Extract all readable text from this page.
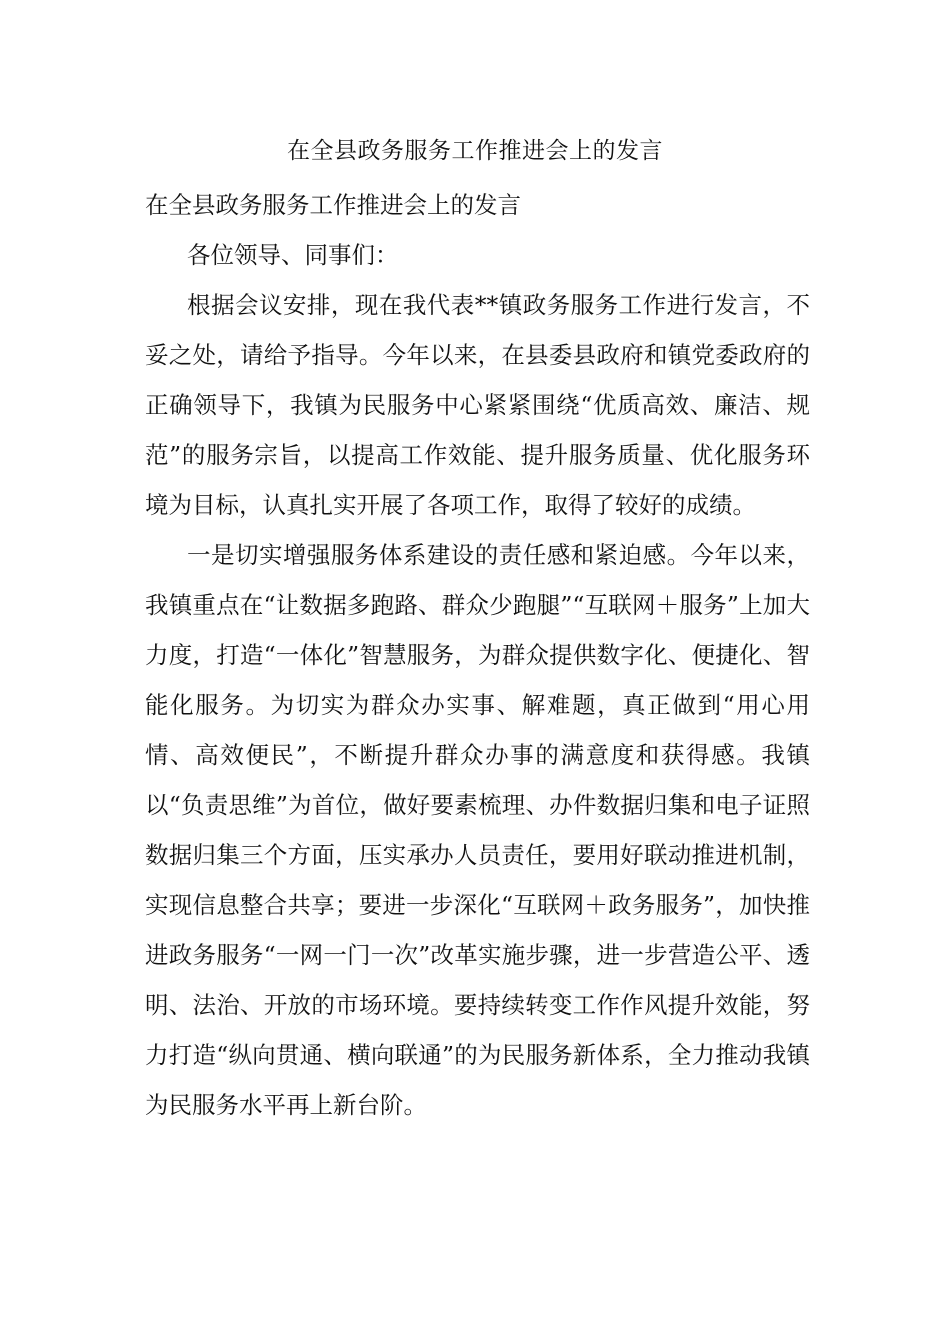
在全县政务服务工作推进会上的发言

在全县政务服务工作推进会上的发言

各位领导、同事们：

根据会议安排，现在我代表**镇政务服务工作进行发言，不妥之处，请给予指导。今年以来，在县委县政府和镇党委政府的正确领导下，我镇为民服务中心紧紧围绕“优质高效、廉洁、规范”的服务宗旨，以提高工作效能、提升服务质量、优化服务环境为目标，认真扎实开展了各项工作，取得了较好的成绩。

一是切实增强服务体系建设的责任感和紧迫感。今年以来，我镇重点在“让数据多跑路、群众少跑腿”“互联网＋服务”上加大力度，打造“一体化”智慧服务，为群众提供数字化、便捷化、智能化服务。为切实为群众办实事、解难题，真正做到“用心用情、高效便民”，不断提升群众办事的满意度和获得感。我镇以“负责思维”为首位，做好要素梳理、办件数据归集和电子证照数据归集三个方面，压实承办人员责任，要用好联动推进机制，实现信息整合共享；要进一步深化“互联网＋政务服务”，加快推进政务服务“一网一门一次”改革实施步骤，进一步营造公平、透明、法治、开放的市场环境。要持续转变工作作风提升效能，努力打造“纵向贯通、横向联通”的为民服务新体系，全力推动我镇为民服务水平再上新台阶。
